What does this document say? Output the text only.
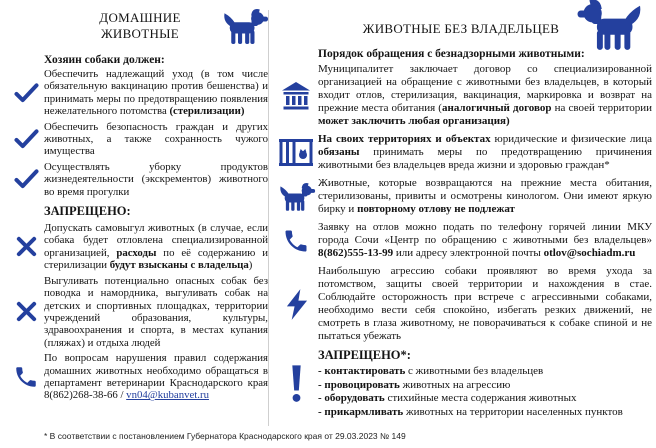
ДОМАШНИЕ ЖИВОТНЫЕ
Хозяин собаки должен:

Обеспечить надлежащий уход (в том числе обязательную вакцинацию против бешенства) и принимать меры по предотвращению появления нежелательного потомства (стерилизации)

Обеспечить безопасность граждан и других животных, а также сохранность чужого имущества

Осуществлять уборку продуктов жизнедеятельности (экскрементов) животного во время прогулки

ЗАПРЕЩЕНО:

Допускать самовыгул животных (в случае, если собака будет отловлена специализированной организацией, расходы по её содержанию и стерилизации будут взысканы с владельца)

Выгуливать потенциально опасных собак без поводка и намордника, выгуливать собак на детских и спортивных площадках, территории учреждений образования, культуры, здравоохранения и спорта, в местах купания (пляжах) и отдыха людей

По вопросам нарушения правил содержания домашних животных необходимо обращаться в департамент ветеринарии Краснодарского края 8(862)268-38-66 / vn04@kubanvet.ru

ЖИВОТНЫЕ БЕЗ ВЛАДЕЛЬЦЕВ
Порядок обращения с безнадзорными животными:

Муниципалитет заключает договор со специализированной организацией на обращение с животными без владельцев, в который входит отлов, стерилизация, вакцинация, маркировка и возврат на прежние места обитания (аналогичный договор на своей территории может заключить любая организация)

На своих территориях и объектах юридические и физические лица обязаны принимать меры по предотвращению причинения животными без владельцев вреда жизни и здоровью граждан*

Животные, которые возвращаются на прежние места обитания, стерилизованы, привиты и осмотрены кинологом. Они имеют яркую бирку и повторному отлову не подлежат

Заявку на отлов можно подать по телефону горячей линии МКУ города Сочи «Центр по обращению с животными без владельцев» 8(862)555-13-99 или адресу электронной почты otlov@sochiadm.ru

Наибольшую агрессию собаки проявляют во время ухода за потомством, защиты своей территории и нахождения в стае. Соблюдайте осторожность при встрече с агрессивными собаками, необходимо вести себя спокойно, избегать резких движений, не смотреть в глаза животному, не поворачиваться к собаке спиной и не пытаться убежать

ЗАПРЕЩЕНО*:
- контактировать с животными без владельцев
- провоцировать животных на агрессию
- оборудовать стихийные места содержания животных
- прикармливать животных на территории населенных пунктов
* В соответствии с постановлением Губернатора Краснодарского края от 29.03.2023 № 149
